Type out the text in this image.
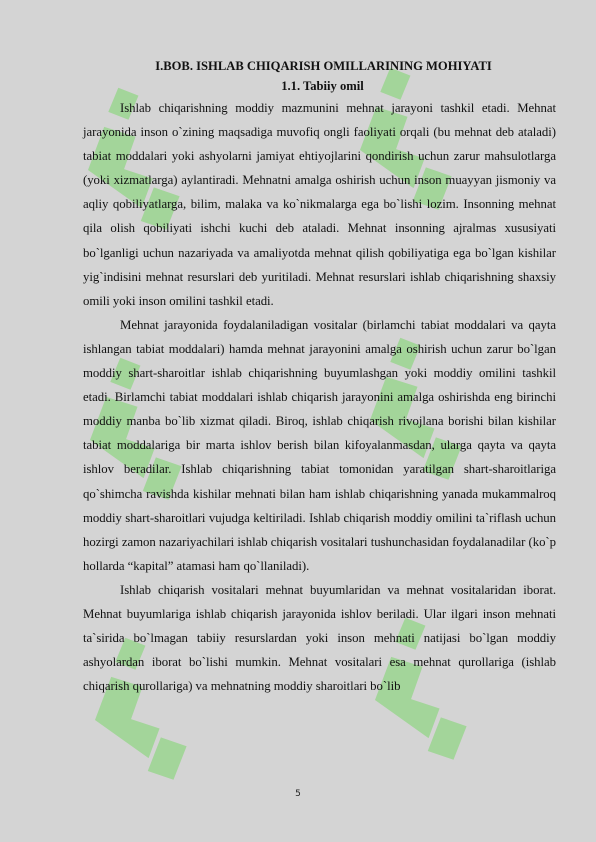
I.BOB. ISHLAB CHIQARISH OMILLARINING MOHIYATI

1.1. Tabiiy omil

Ishlab chiqarishning moddiy mazmunini mehnat jarayoni tashkil etadi. Mehnat jarayonida inson o`zining maqsadiga muvofiq ongli faoliyati orqali (bu mehnat deb ataladi) tabiat moddalari yoki ashyolarni jamiyat ehtiyojlarini qondirish uchun zarur mahsulotlarga (yoki xizmatlarga) aylantiradi. Mehnatni amalga oshirish uchun inson muayyan jismoniy va aqliy qobiliyatlarga, bilim, malaka va ko`nikmalarga ega bo`lishi lozim. Insonning mehnat qila olish qobiliyati ishchi kuchi deb ataladi. Mehnat insonning ajralmas xususiyati bo`lganligi uchun nazariyada va amaliyotda mehnat qilish qobiliyatiga ega bo`lgan kishilar yig`indisini mehnat resurslari deb yuritiladi. Mehnat resurslari ishlab chiqarishning shaxsiy omili yoki inson omilini tashkil etadi.

Mehnat jarayonida foydalaniladigan vositalar (birlamchi tabiat moddalari va qayta ishlangan tabiat moddalari) hamda mehnat jarayonini amalga oshirish uchun zarur bo`lgan moddiy shart-sharoitlar ishlab chiqarishning buyumlashgan yoki moddiy omilini tashkil etadi. Birlamchi tabiat moddalari ishlab chiqarish jarayonini amalga oshirishda eng birinchi moddiy manba bo`lib xizmat qiladi. Biroq, ishlab chiqarish rivojlana borishi bilan kishilar tabiat moddalariga bir marta ishlov berish bilan kifoyalanmasdan, ularga qayta va qayta ishlov beradilar. Ishlab chiqarishning tabiat tomonidan yaratilgan shart-sharoitlariga qo`shimcha ravishda kishilar mehnati bilan ham ishlab chiqarishning yanada mukammalroq moddiy shart-sharoitlari vujudga keltiriladi. Ishlab chiqarish moddiy omilini ta`riflash uchun hozirgi zamon nazariyachilari ishlab chiqarish vositalari tushunchasidan foydalanadilar (ko`p hollarda “kapital” atamasi ham qo`llaniladi).

Ishlab chiqarish vositalari mehnat buyumlaridan va mehnat vositalaridan iborat. Mehnat buyumlariga ishlab chiqarish jarayonida ishlov beriladi. Ular ilgari inson mehnati ta`sirida bo`lmagan tabiiy resurslardan yoki inson mehnati natijasi bo`lgan moddiy ashyolardan iborat bo`lishi mumkin. Mehnat vositalari esa mehnat qurollariga (ishlab chiqarish qurollariga) va mehnatning moddiy sharoitlari bo`lib

5
